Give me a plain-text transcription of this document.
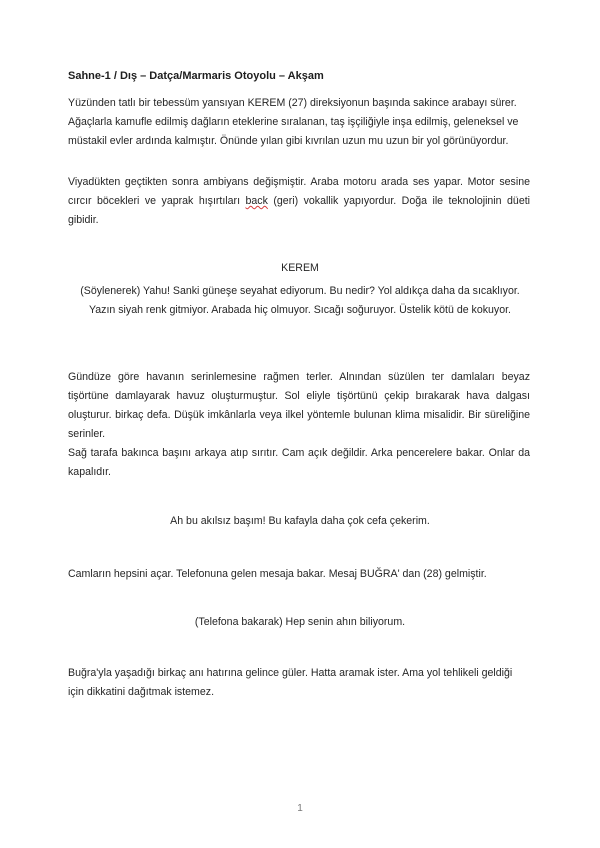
Sahne-1 / Dış – Datça/Marmaris Otoyolu – Akşam
Yüzünden tatlı bir tebessüm yansıyan KEREM (27) direksiyonun başında sakince arabayı sürer. Ağaçlarla kamufle edilmiş dağların eteklerine sıralanan, taş işçiliğiyle inşa edilmiş, geleneksel ve müstakil evler ardında kalmıştır. Önünde yılan gibi kıvrılan uzun mu uzun bir yol görünüyordur.
Viyadükten geçtikten sonra ambiyans değişmiştir. Araba motoru arada ses yapar. Motor sesine cırcır böcekleri ve yaprak hışırtıları back (geri) vokallik yapıyordur. Doğa ile teknolojinin düeti gibidir.
KEREM
(Söylenerek) Yahu! Sanki güneşe seyahat ediyorum. Bu nedir? Yol aldıkça daha da sıcaklıyor. Yazın siyah renk gitmiyor. Arabada hiç olmuyor. Sıcağı soğuruyor. Üstelik kötü de kokuyor.
Gündüze göre havanın serinlemesine rağmen terler. Alnından süzülen ter damlaları beyaz tişörtüne damlayarak havuz oluşturmuştur. Sol eliyle tişörtünü çekip bırakarak hava dalgası oluşturur. birkaç defa. Düşük imkânlarla veya ilkel yöntemle bulunan klima misalidir. Bir süreliğine serinler.
Sağ tarafa bakınca başını arkaya atıp sırıtır. Cam açık değildir. Arka pencerelere bakar. Onlar da kapalıdır.
Ah bu akılsız başım! Bu kafayla daha çok cefa çekerim.
Camların hepsini açar. Telefonuna gelen mesaja bakar. Mesaj BUĞRA' dan (28) gelmiştir.
(Telefona bakarak) Hep senin ahın biliyorum.
Buğra'yla yaşadığı birkaç anı hatırına gelince güler. Hatta aramak ister. Ama yol tehlikeli geldiği için dikkatini dağıtmak istemez.
1
